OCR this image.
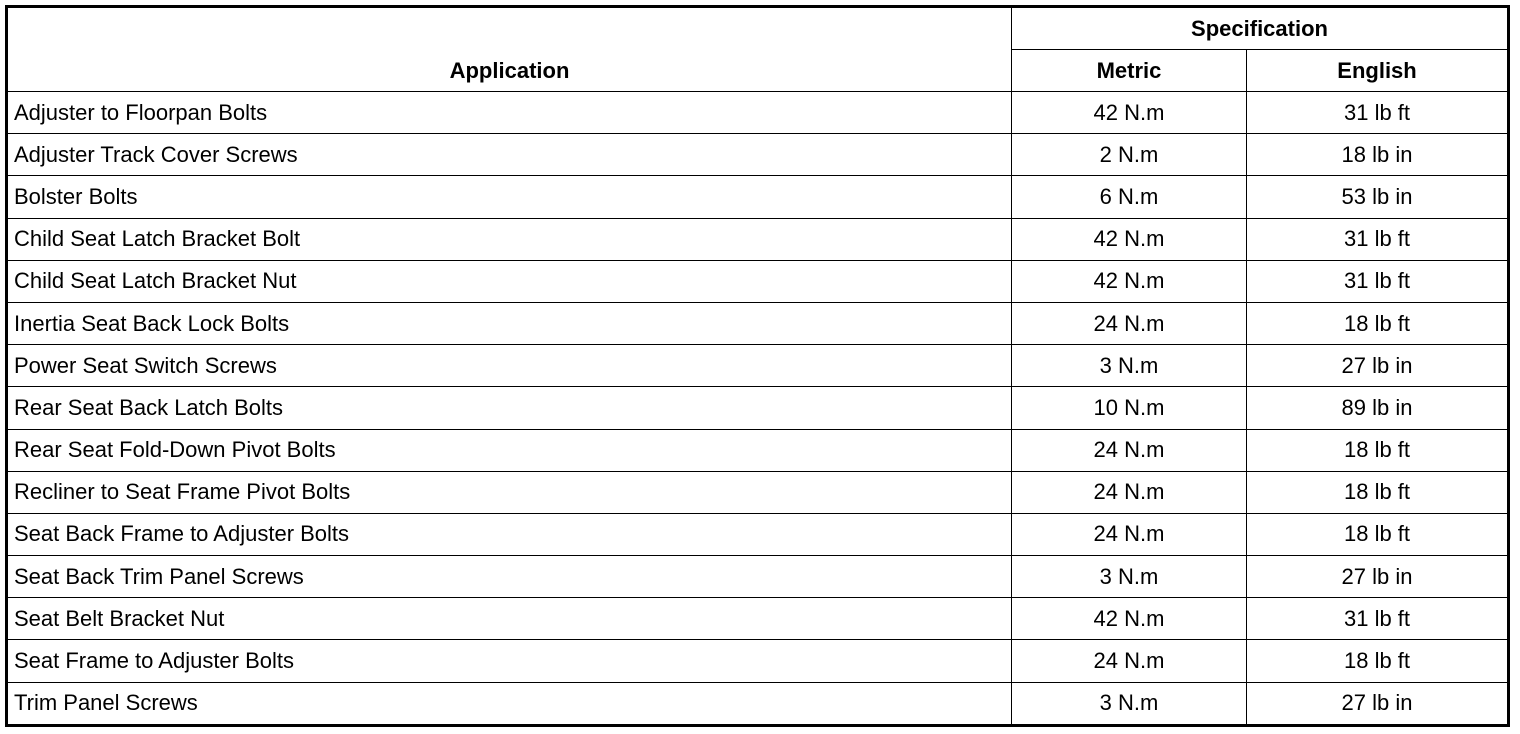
Application	Specification	
	Metric	English
Adjuster to Floorpan Bolts	42 N.m	31 lb ft
Adjuster Track Cover Screws	2 N.m	18 lb in
Bolster Bolts	6 N.m	53 lb in
Child Seat Latch Bracket Bolt	42 N.m	31 lb ft
Child Seat Latch Bracket Nut	42 N.m	31 lb ft
Inertia Seat Back Lock Bolts	24 N.m	18 lb ft
Power Seat Switch Screws	3 N.m	27 lb in
Rear Seat Back Latch Bolts	10 N.m	89 lb in
Rear Seat Fold-Down Pivot Bolts	24 N.m	18 lb ft
Recliner to Seat Frame Pivot Bolts	24 N.m	18 lb ft
Seat Back Frame to Adjuster Bolts	24 N.m	18 lb ft
Seat Back Trim Panel Screws	3 N.m	27 lb in
Seat Belt Bracket Nut	42 N.m	31 lb ft
Seat Frame to Adjuster Bolts	24 N.m	18 lb ft
Trim Panel Screws	3 N.m	27 lb in
